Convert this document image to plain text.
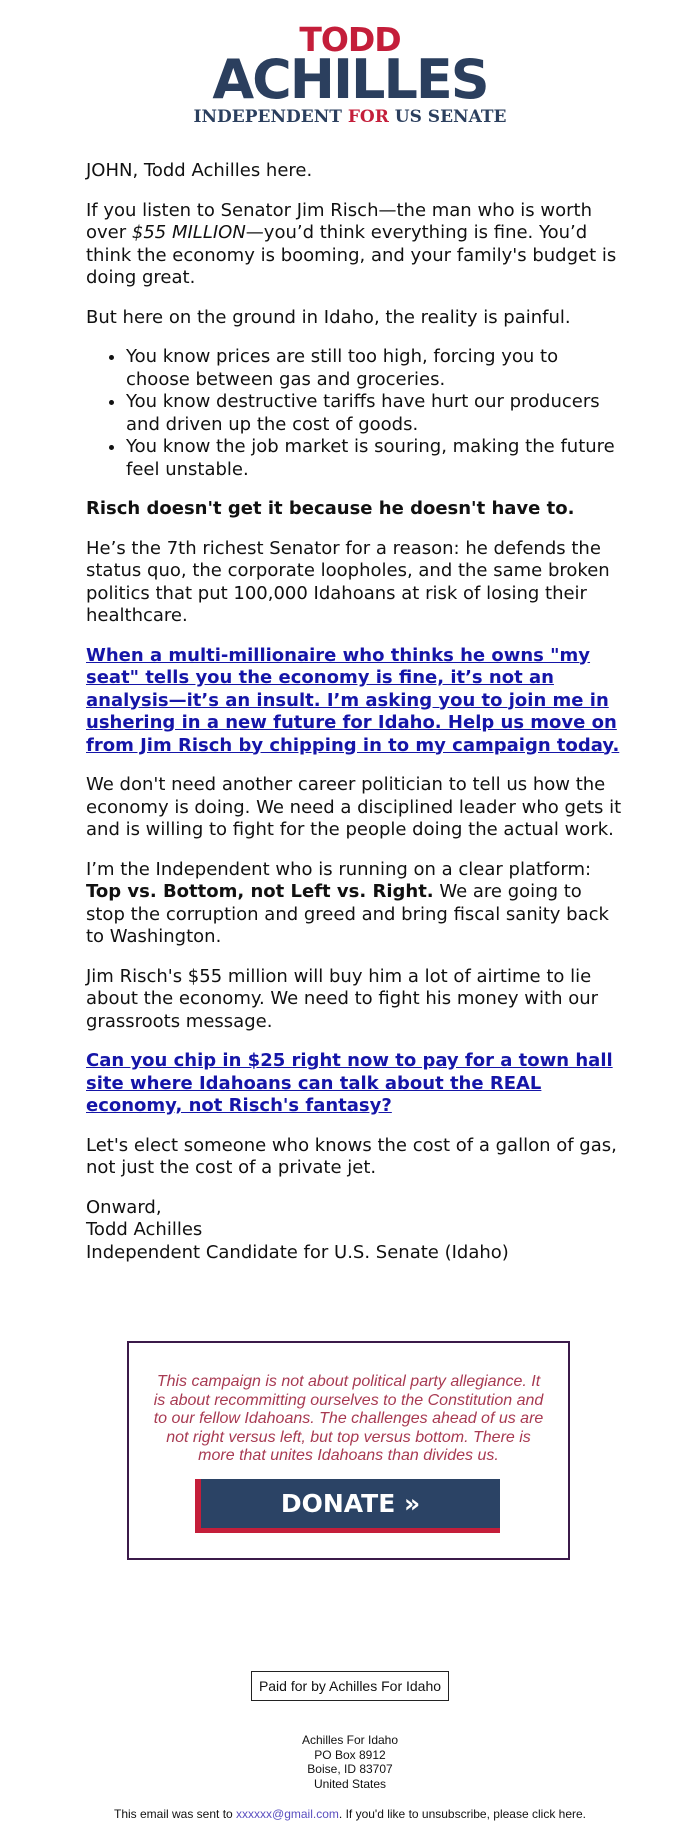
TODD
ACHILLES
INDEPENDENT FOR US SENATE

JOHN, Todd Achilles here.

If you listen to Senator Jim Risch—the man who is worth over $55 MILLION—you’d think everything is fine. You’d think the economy is booming, and your family's budget is doing great.

But here on the ground in Idaho, the reality is painful.

• You know prices are still too high, forcing you to choose between gas and groceries.
• You know destructive tariffs have hurt our producers and driven up the cost of goods.
• You know the job market is souring, making the future feel unstable.

Risch doesn't get it because he doesn't have to.

He’s the 7th richest Senator for a reason: he defends the status quo, the corporate loopholes, and the same broken politics that put 100,000 Idahoans at risk of losing their healthcare.

When a multi-millionaire who thinks he owns "my seat" tells you the economy is fine, it’s not an analysis—it’s an insult. I’m asking you to join me in ushering in a new future for Idaho. Help us move on from Jim Risch by chipping in to my campaign today.

We don't need another career politician to tell us how the economy is doing. We need a disciplined leader who gets it and is willing to fight for the people doing the actual work.

I’m the Independent who is running on a clear platform: Top vs. Bottom, not Left vs. Right. We are going to stop the corruption and greed and bring fiscal sanity back to Washington.

Jim Risch's $55 million will buy him a lot of airtime to lie about the economy. We need to fight his money with our grassroots message.

Can you chip in $25 right now to pay for a town hall site where Idahoans can talk about the REAL economy, not Risch's fantasy?

Let's elect someone who knows the cost of a gallon of gas, not just the cost of a private jet.

Onward,
Todd Achilles
Independent Candidate for U.S. Senate (Idaho)

This campaign is not about political party allegiance. It is about recommitting ourselves to the Constitution and to our fellow Idahoans. The challenges ahead of us are not right versus left, but top versus bottom. There is more that unites Idahoans than divides us.
DONATE »
Paid for by Achilles For Idaho
Achilles For Idaho
PO Box 8912
Boise, ID 83707
United States
This email was sent to xxxxxx@gmail.com. If you'd like to unsubscribe, please click here.
